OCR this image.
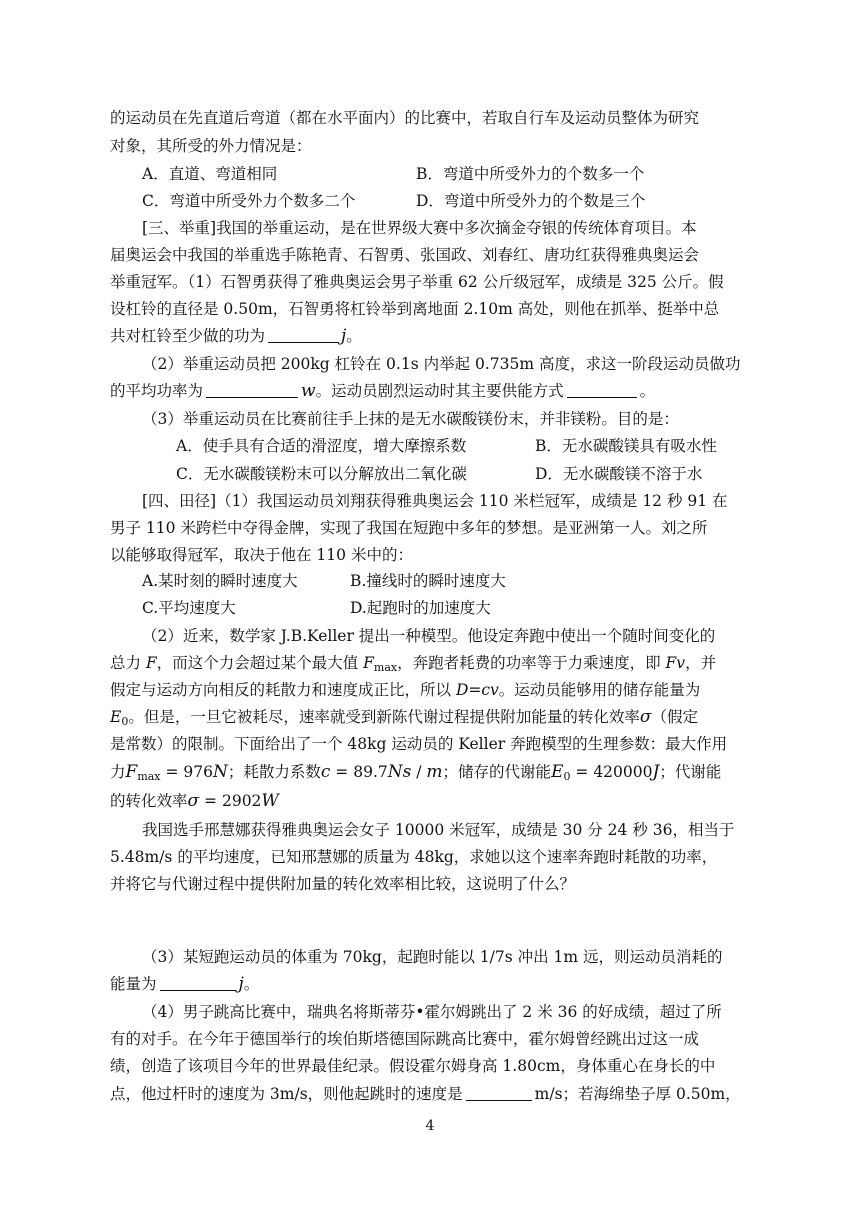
的运动员在先直道后弯道（都在水平面内）的比赛中，若取自行车及运动员整体为研究
对象，其所受的外力情况是：
A．直道、弯道相同	B．弯道中所受外力的个数多一个
C．弯道中所受外力个数多二个	D．弯道中所受外力的个数是三个
[三、举重]我国的举重运动，是在世界级大赛中多次摘金夺银的传统体育项目。本
届奥运会中我国的举重选手陈艳青、石智勇、张国政、刘春红、唐功红获得雅典奥运会
举重冠军。（1）石智勇获得了雅典奥运会男子举重 62 公斤级冠军，成绩是 325 公斤。假
设杠铃的直径是 0.50m，石智勇将杠铃举到离地面 2.10m 高处，则他在抓举、挺举中总
共对杠铃至少做的功为	j。
（2）举重运动员把 200kg 杠铃在 0.1s 内举起 0.735m 高度，求这一阶段运动员做功
的平均功率为	w。运动员剧烈运动时其主要供能方式	。
（3）举重运动员在比赛前往手上抹的是无水碳酸镁份末，并非镁粉。目的是：
A．使手具有合适的滑涩度，增大摩擦系数	B．无水碳酸镁具有吸水性
C．无水碳酸镁粉末可以分解放出二氧化碳	D．无水碳酸镁不溶于水
[四、田径]（1）我国运动员刘翔获得雅典奥运会 110 米栏冠军，成绩是 12 秒 91 在
男子 110 米跨栏中夺得金牌，实现了我国在短跑中多年的梦想。是亚洲第一人。刘之所
以能够取得冠军，取决于他在 110 米中的：
A.某时刻的瞬时速度大	B.撞线时的瞬时速度大
C.平均速度大	D.起跑时的加速度大
（2）近来，数学家 J.B.Keller 提出一种模型。他设定奔跑中使出一个随时间变化的
总力 F，而这个力会超过某个最大值 $F_{max}$，奔跑者耗费的功率等于力乘速度，即 Fv，并
假定与运动方向相反的耗散力和速度成正比，所以 D=cv。运动员能够用的储存能量为
$E_0$。但是，一旦它被耗尽，速率就受到新陈代谢过程提供附加能量的转化效率σ（假定
是常数）的限制。下面给出了一个 48kg 运动员的 Keller 奔跑模型的生理参数：最大作用
力$F_{max} = 976N$；耗散力系数c = 89.7Ns / m；储存的代谢能$E_0 = 420000J$；代谢能
的转化效率σ = 2902W
我国选手邢慧娜获得雅典奥运会女子 10000 米冠军，成绩是 30 分 24 秒 36，相当于
5.48m/s 的平均速度，已知邢慧娜的质量为 48kg，求她以这个速率奔跑时耗散的功率，
并将它与代谢过程中提供附加量的转化效率相比较，这说明了什么？
（3）某短跑运动员的体重为 70kg，起跑时能以 1/7s 冲出 1m 远，则运动员消耗的
能量为	j。
（4）男子跳高比赛中，瑞典名将斯蒂芬•霍尔姆跳出了 2 米 36 的好成绩，超过了所
有的对手。在今年于德国举行的埃伯斯塔德国际跳高比赛中，霍尔姆曾经跳出过这一成
绩，创造了该项目今年的世界最佳纪录。假设霍尔姆身高 1.80cm，身体重心在身长的中
点，他过杆时的速度为 3m/s，则他起跳时的速度是	m/s；若海绵垫子厚 0.50m，
4
